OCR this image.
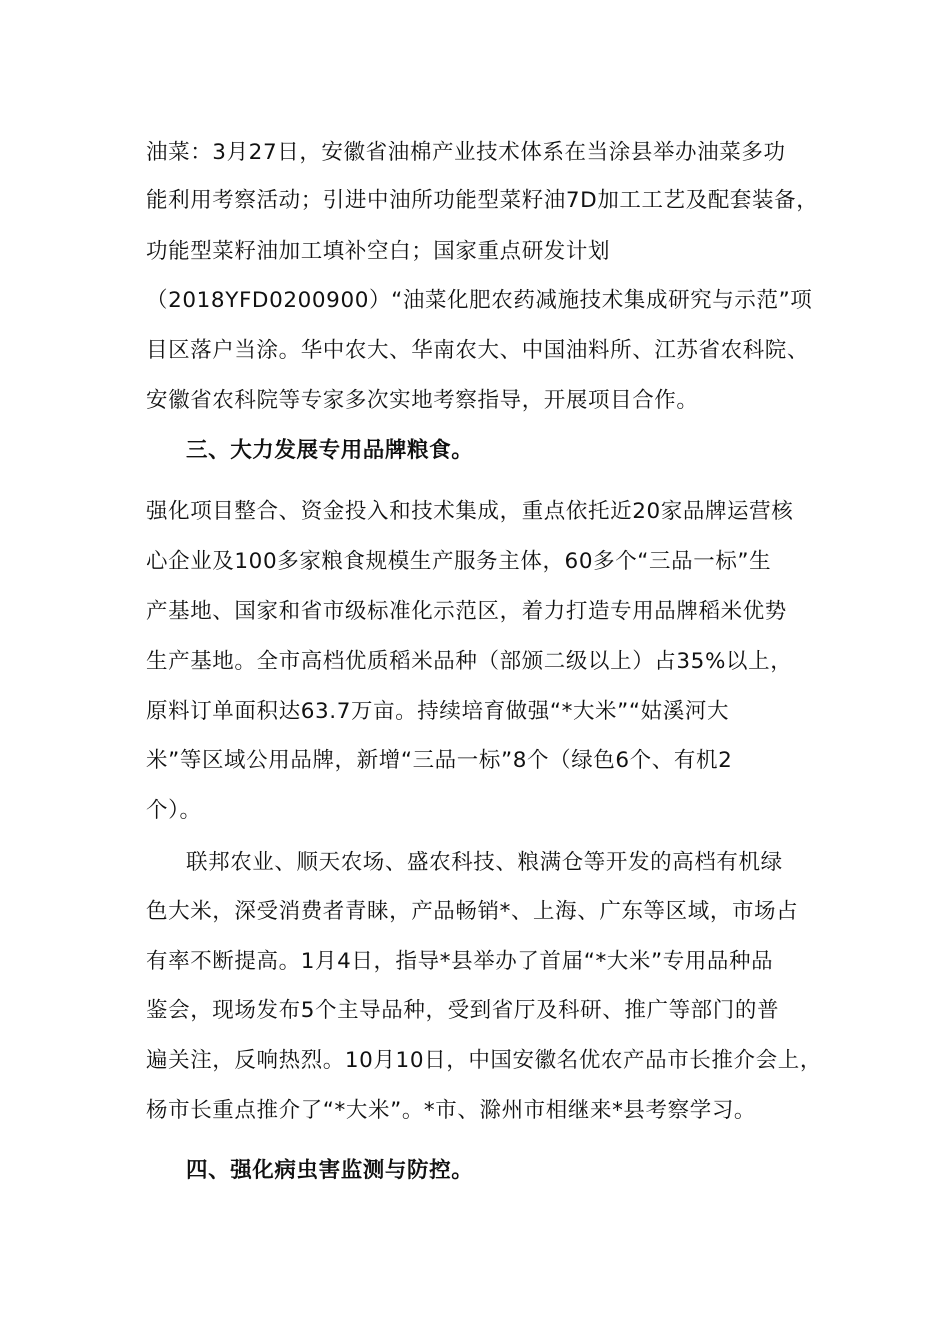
油菜：3月27日，安徽省油棉产业技术体系在当涂县举办油菜多功
能利用考察活动；引进中油所功能型菜籽油7D加工工艺及配套装备，
功能型菜籽油加工填补空白；国家重点研发计划
（2018YFD0200900）“油菜化肥农药减施技术集成研究与示范”项
目区落户当涂。华中农大、华南农大、中国油料所、江苏省农科院、
安徽省农科院等专家多次实地考察指导，开展项目合作。
三、大力发展专用品牌粮食。
强化项目整合、资金投入和技术集成，重点依托近20家品牌运营核
心企业及100多家粮食规模生产服务主体，60多个“三品一标”生
产基地、国家和省市级标准化示范区，着力打造专用品牌稻米优势
生产基地。全市高档优质稻米品种（部颁二级以上）占35%以上，
原料订单面积达63.7万亩。持续培育做强“*大米”“姑溪河大
米”等区域公用品牌，新增“三品一标”8个（绿色6个、有机2
个）。
联邦农业、顺天农场、盛农科技、粮满仓等开发的高档有机绿
色大米，深受消费者青睐，产品畅销*、上海、广东等区域，市场占
有率不断提高。1月4日，指导*县举办了首届“*大米”专用品种品
鉴会，现场发布5个主导品种，受到省厅及科研、推广等部门的普
遍关注，反响热烈。10月10日，中国安徽名优农产品市长推介会上，
杨市长重点推介了“*大米”。*市、滁州市相继来*县考察学习。
四、强化病虫害监测与防控。
